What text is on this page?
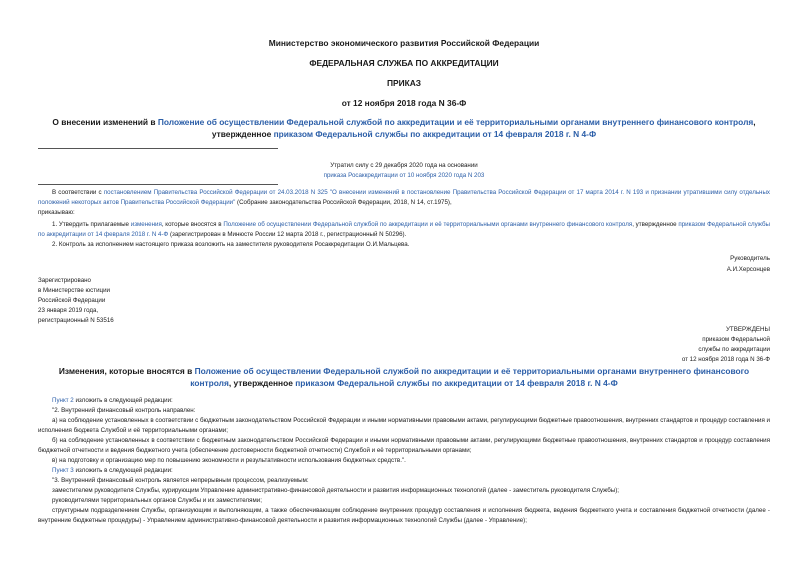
Министерство экономического развития Российской Федерации
ФЕДЕРАЛЬНАЯ СЛУЖБА ПО АККРЕДИТАЦИИ
ПРИКАЗ
от 12 ноября 2018 года N 36-Ф
О внесении изменений в Положение об осуществлении Федеральной службой по аккредитации и её территориальными органами внутреннего финансового контроля, утвержденное приказом Федеральной службы по аккредитации от 14 февраля 2018 г. N 4-Ф
Утратил силу с 29 декабря 2020 года на основании
приказа Росаккредитации от 10 ноября 2020 года N 203
В соответствии с постановлением Правительства Российской Федерации от 24.03.2018 N 325 "О внесении изменений в постановление Правительства Российской Федерации от 17 марта 2014 г. N 193 и признании утратившими силу отдельных положений некоторых актов Правительства Российской Федерации" (Собрание законодательства Российской Федерации, 2018, N 14, ст.1975),
приказываю:
1. Утвердить прилагаемые изменения, которые вносятся в Положение об осуществлении Федеральной службой по аккредитации и её территориальными органами внутреннего финансового контроля, утвержденное приказом Федеральной службы по аккредитации от 14 февраля 2018 г. N 4-Ф (зарегистрирован в Минюсте России 12 марта 2018 г., регистрационный N 50296).
2. Контроль за исполнением настоящего приказа возложить на заместителя руководителя Росаккредитации О.И.Мальцева.
Руководитель
А.И.Херсонцев
Зарегистрировано
в Министерстве юстиции
Российской Федерации
23 января 2019 года,
регистрационный N 53516
УТВЕРЖДЕНЫ
приказом Федеральной
службы по аккредитации
от 12 ноября 2018 года N 36-Ф
Изменения, которые вносятся в Положение об осуществлении Федеральной службой по аккредитации и её территориальными органами внутреннего финансового контроля, утвержденное приказом Федеральной службы по аккредитации от 14 февраля 2018 г. N 4-Ф
Пункт 2 изложить в следующей редакции:
"2. Внутренний финансовый контроль направлен:
а) на соблюдение установленных в соответствии с бюджетным законодательством Российской Федерации и иными нормативными правовыми актами, регулирующими бюджетные правоотношения, внутренних стандартов и процедур составления и исполнения бюджета Службой и её территориальными органами;
б) на соблюдение установленных в соответствии с бюджетным законодательством Российской Федерации и иными нормативными правовыми актами, регулирующими бюджетные правоотношения, внутренних стандартов и процедур составления бюджетной отчетности и ведения бюджетного учета (обеспечение достоверности бюджетной отчетности) Службой и её территориальными органами;
в) на подготовку и организацию мер по повышению экономности и результативности использования бюджетных средств.".
Пункт 3 изложить в следующей редакции:
"3. Внутренний финансовый контроль является непрерывным процессом, реализуемым:
заместителем руководителя Службы, курирующим Управление административно-финансовой деятельности и развития информационных технологий (далее - заместитель руководителя Службы);
руководителями территориальных органов Службы и их заместителями;
структурным подразделением Службы, организующим и выполняющим, а также обеспечивающим соблюдение внутренних процедур составления и исполнения бюджета, ведения бюджетного учета и составления бюджетной отчетности (далее - внутренние бюджетные процедуры) - Управлением административно-финансовой деятельности и развития информационных технологий Службы (далее - Управление);
